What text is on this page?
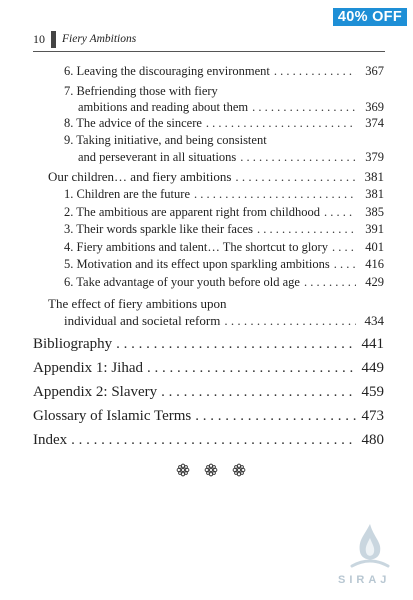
40% OFF
10 Fiery Ambitions
6. Leaving the discouraging environment . . .	367
7. Befriending those with fiery
ambitions and reading about them . . .	369
8. The advice of the sincere . . .	374
9. Taking initiative, and being consistent
and perseverant in all situations . . .	379
Our children… and fiery ambitions . . .	381
1. Children are the future . . .	381
2. The ambitious are apparent right from childhood . . .	385
3. Their words sparkle like their faces . . .	391
4. Fiery ambitions and talent… The shortcut to glory . . .	401
5. Motivation and its effect upon sparkling ambitions . . .	416
6. Take advantage of your youth before old age . . .	429
The effect of fiery ambitions upon
individual and societal reform . . .	434
Bibliography . . .	441
Appendix 1: Jihad . . .	449
Appendix 2: Slavery . . .	459
Glossary of Islamic Terms . . .	473
Index . . .	480
SIRAJ
